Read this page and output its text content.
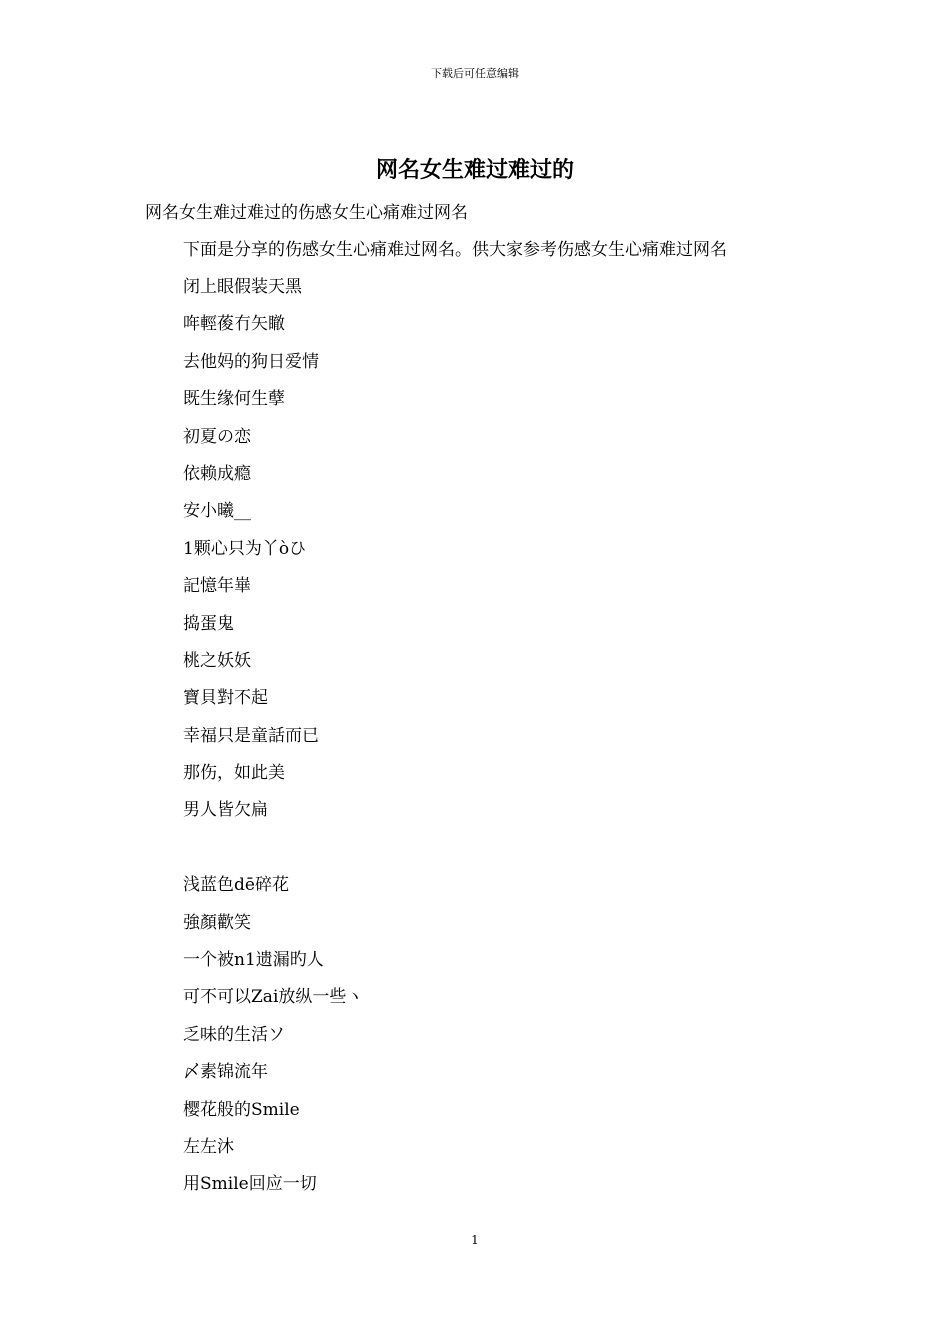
下载后可任意编辑
网名女生难过难过的
网名女生难过难过的伤感女生心痛难过网名
下面是分享的伤感女生心痛难过网名。供大家参考伤感女生心痛难过网名
闭上眼假装天黑
哖輕葰冇矢瞮
去他妈的狗日爱情
既生缘何生孽
初夏の恋
依赖成瘾
安小曦__
1颗心只为丫òひ
記憶年崋
捣蛋鬼
桃之妖妖
寶貝對不起
幸福只是童話而已
那伤，如此美
男人皆欠扁
浅蓝色dē碎花
強顏歡笑
一个被n1遗漏旳人
可不可以Zai放纵一些ヽ
乏味的生活ソ
〆素锦流年
樱花般的Smile
左左沐
用Smile回应一切
1
